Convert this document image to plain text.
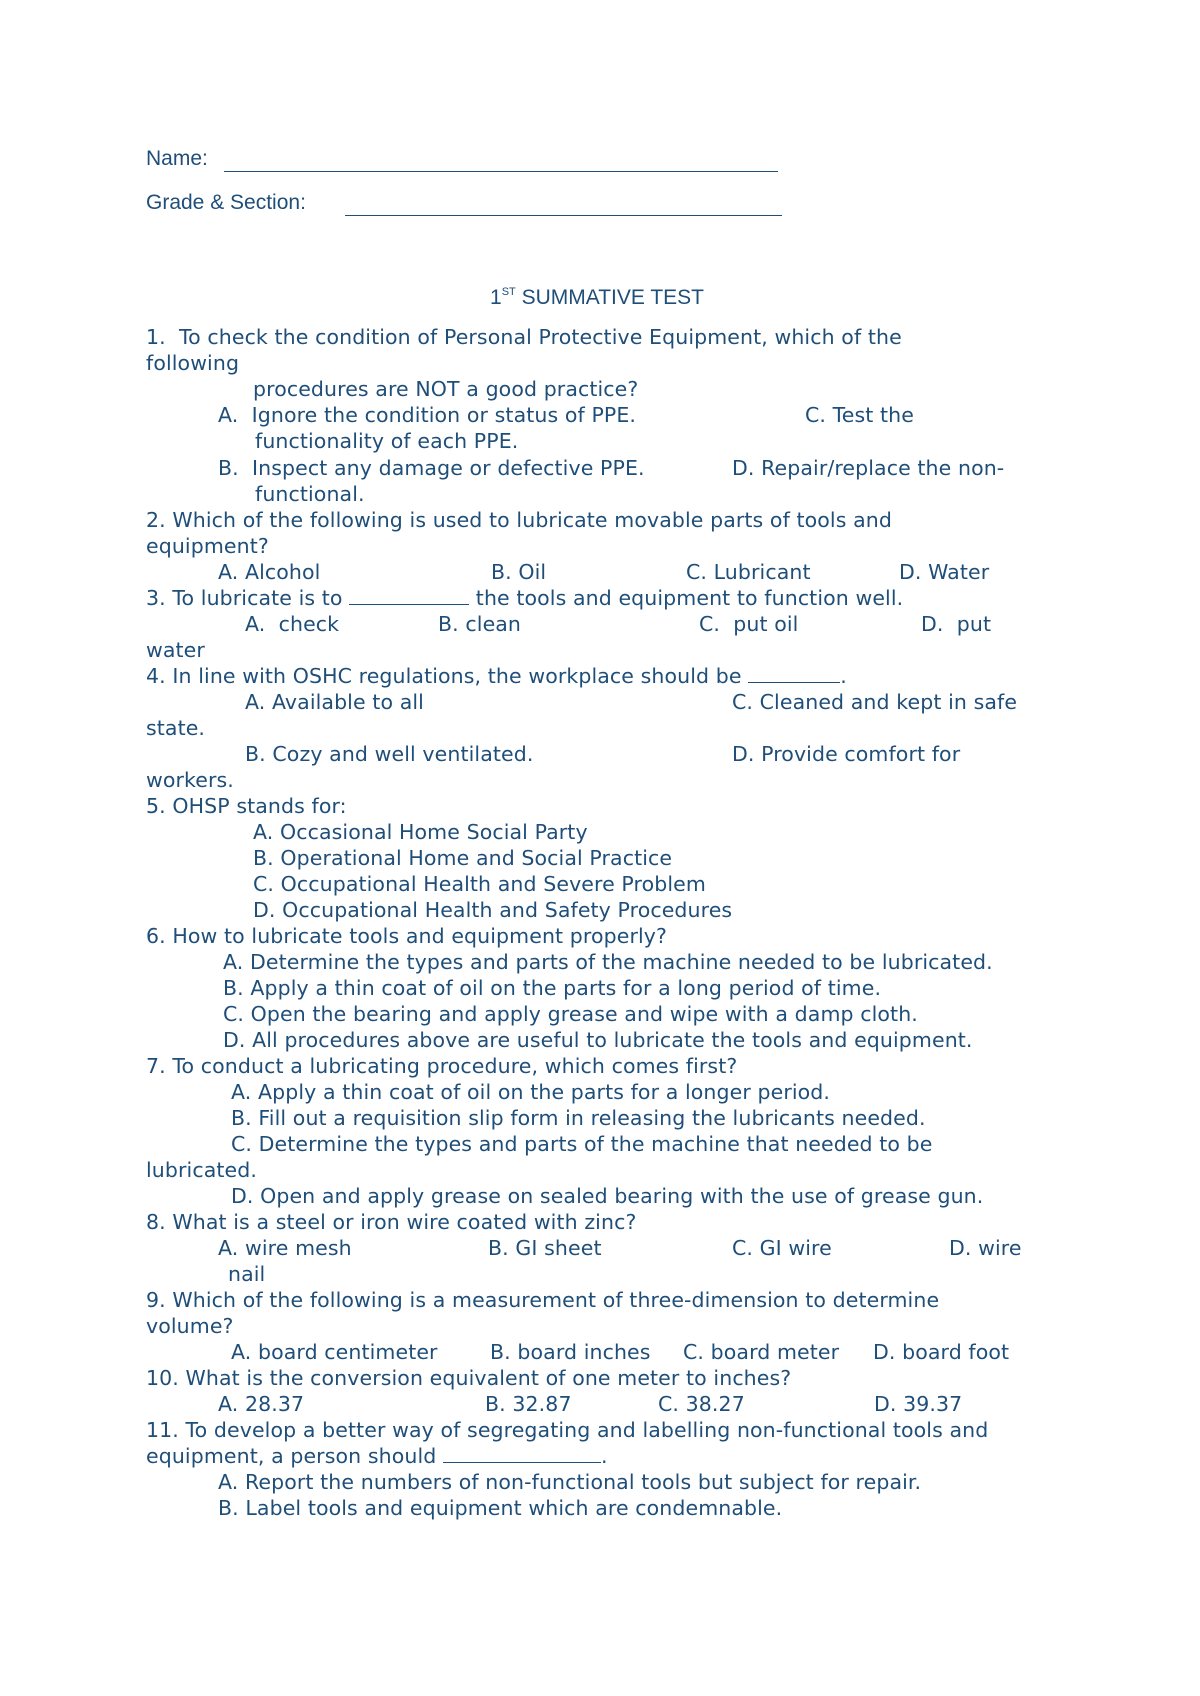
Name:
Grade & Section:
1ST SUMMATIVE TEST
1.  To check the condition of Personal Protective Equipment, which of the
following
procedures are NOT a good practice?
A.  Ignore the condition or status of PPE.	C. Test the
functionality of each PPE.
B.  Inspect any damage or defective PPE.	D. Repair/replace the non-
functional.
2. Which of the following is used to lubricate movable parts of tools and
equipment?
A. Alcohol	B. Oil	C. Lubricant	D. Water
3. To lubricate is to	the tools and equipment to function well.
A.  check	B. clean	C.  put oil	D.  put
water
4. In line with OSHC regulations, the workplace should be	.
A. Available to all	C. Cleaned and kept in safe
state.
B. Cozy and well ventilated.	D. Provide comfort for
workers.
5. OHSP stands for:
A. Occasional Home Social Party
B. Operational Home and Social Practice
C. Occupational Health and Severe Problem
D. Occupational Health and Safety Procedures
6. How to lubricate tools and equipment properly?
A. Determine the types and parts of the machine needed to be lubricated.
B. Apply a thin coat of oil on the parts for a long period of time.
C. Open the bearing and apply grease and wipe with a damp cloth.
D. All procedures above are useful to lubricate the tools and equipment.
7. To conduct a lubricating procedure, which comes first?
A. Apply a thin coat of oil on the parts for a longer period.
B. Fill out a requisition slip form in releasing the lubricants needed.
C. Determine the types and parts of the machine that needed to be
lubricated.
D. Open and apply grease on sealed bearing with the use of grease gun.
8. What is a steel or iron wire coated with zinc?
A. wire mesh	B. GI sheet	C. GI wire	D. wire
nail
9. Which of the following is a measurement of three-dimension to determine
volume?
A. board centimeter	B. board inches C. board meter D. board foot
10. What is the conversion equivalent of one meter to inches?
A. 28.37	B. 32.87	C. 38.27	D. 39.37
11. To develop a better way of segregating and labelling non-functional tools and
equipment, a person should	.
A. Report the numbers of non-functional tools but subject for repair.
B. Label tools and equipment which are condemnable.
